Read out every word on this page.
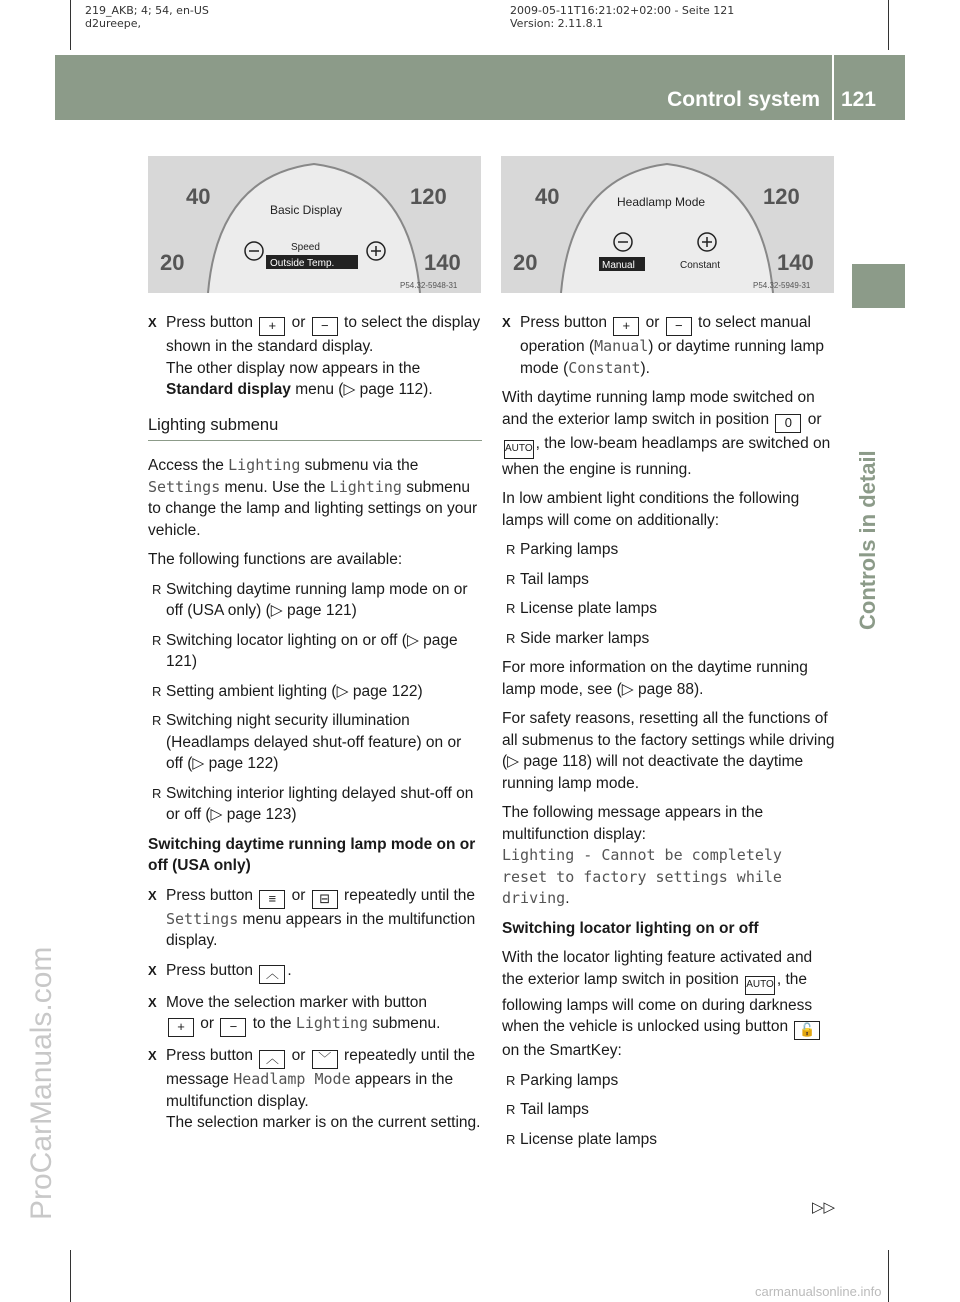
219_AKB; 4; 54, en-US
d2ureepe,
2009-05-11T16:21:02+02:00 - Seite 121
Version: 2.11.8.1
Control system 121
Controls in detail
ProCarManuals.com
40	120
20	140
Basic Display
Speed
Outside Temp.
P54.32-5948-31
40	120
20	140
Headlamp Mode
Manual	Constant
P54.32-5949-31
X Press button + or − to select the display shown in the standard display.
The other display now appears in the Standard display menu (▷ page 112).
Lighting submenu

Access the Lighting submenu via the Settings menu. Use the Lighting submenu to change the lamp and lighting settings on your vehicle.

The following functions are available:

R Switching daytime running lamp mode on or off (USA only) (▷ page 121)
R Switching locator lighting on or off (▷ page 121)
R Setting ambient lighting (▷ page 122)
R Switching night security illumination (Headlamps delayed shut-off feature) on or off (▷ page 122)
R Switching interior lighting delayed shut-off on or off (▷ page 123)

Switching daytime running lamp mode on or off (USA only)

X Press button ≡ or ⊟ repeatedly until the Settings menu appears in the multifunction display.
X Press button ︿ .
X Move the selection marker with button
+ or − to the Lighting submenu.
X Press button ︿ or ﹀ repeatedly until the message Headlamp Mode appears in the multifunction display.
The selection marker is on the current setting.
X Press button + or − to select manual operation (Manual) or daytime running lamp mode (Constant).

With daytime running lamp mode switched on and the exterior lamp switch in position 0 or AUTO , the low-beam headlamps are switched on when the engine is running.

In low ambient light conditions the following lamps will come on additionally:

R Parking lamps
R Tail lamps
R License plate lamps
R Side marker lamps

For more information on the daytime running lamp mode, see (▷ page 88).

For safety reasons, resetting all the functions of all submenus to the factory settings while driving (▷ page 118) will not deactivate the daytime running lamp mode.

The following message appears in the multifunction display:
Lighting - Cannot be completely
reset to factory settings while
driving.

Switching locator lighting on or off

With the locator lighting feature activated and the exterior lamp switch in position AUTO , the following lamps will come on during darkness when the vehicle is unlocked using button 🔓 on the SmartKey:

R Parking lamps
R Tail lamps
R License plate lamps
▷▷
carmanualsonline.info
